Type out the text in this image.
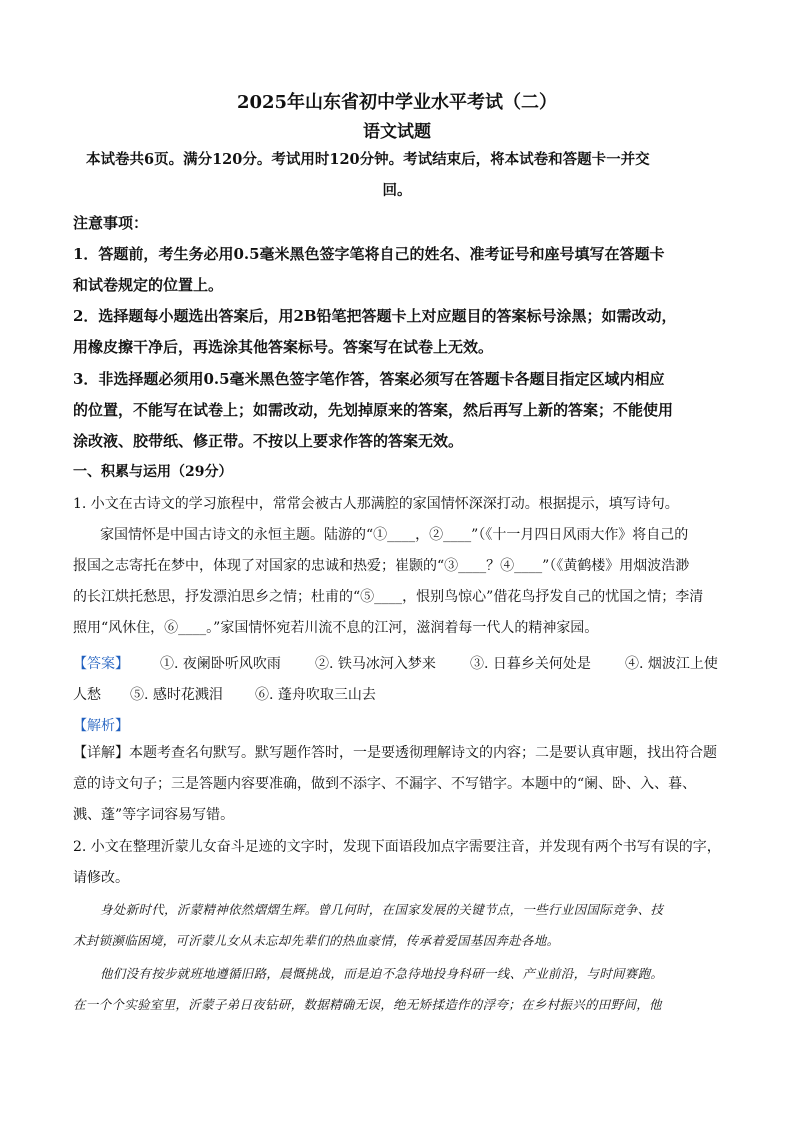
2025年山东省初中学业水平考试（二）
语文试题
本试卷共6页。满分120分。考试用时120分钟。考试结束后，将本试卷和答题卡一并交
回。
注意事项：
1．答题前，考生务必用0.5毫米黑色签字笔将自己的姓名、准考证号和座号填写在答题卡
和试卷规定的位置上。
2．选择题每小题选出答案后，用2B铅笔把答题卡上对应题目的答案标号涂黑；如需改动，
用橡皮擦干净后，再选涂其他答案标号。答案写在试卷上无效。
3．非选择题必须用0.5毫米黑色签字笔作答，答案必须写在答题卡各题目指定区域内相应
的位置，不能写在试卷上；如需改动，先划掉原来的答案，然后再写上新的答案；不能使用
涂改液、胶带纸、修正带。不按以上要求作答的答案无效。
一、积累与运用（29分）
1. 小文在古诗文的学习旅程中，常常会被古人那满腔的家国情怀深深打动。根据提示，填写诗句。
家国情怀是中国古诗文的永恒主题。陆游的“①____，②____”（《十一月四日风雨大作》将自己的
报国之志寄托在梦中，体现了对国家的忠诚和热爱；崔颢的“③____？④____”（《黄鹤楼》用烟波浩渺
的长江烘托愁思，抒发漂泊思乡之情；杜甫的“⑤____，恨别鸟惊心”借花鸟抒发自己的忧国之情；李清
照用“风休住，⑥____。”家国情怀宛若川流不息的江河，滋润着每一代人的精神家园。
【答案】 ①. 夜阑卧听风吹雨 ②. 铁马冰河入梦来 ③. 日暮乡关何处是 ④. 烟波江上使
人愁 ⑤. 感时花溅泪 ⑥. 蓬舟吹取三山去
【解析】
【详解】本题考查名句默写。默写题作答时，一是要透彻理解诗文的内容；二是要认真审题，找出符合题
意的诗文句子；三是答题内容要准确，做到不添字、不漏字、不写错字。本题中的“阑、卧、入、暮、
溅、蓬”等字词容易写错。
2. 小文在整理沂蒙儿女奋斗足迹的文字时，发现下面语段加点字需要注音，并发现有两个书写有误的字，
请修改。
身处新时代，沂蒙精神依然熠熠生辉。曾几何时，在国家发展的关键节点，一些行业因国际竞争、技
术封锁濒临困境，可沂蒙儿女从未忘却先辈们的热血豪情，传承着爱国基因奔赴各地。
他们没有按步就班地遵循旧路，晨慨挑战，而是迫不急待地投身科研一线、产业前沿，与时间赛跑。
在一个个实验室里，沂蒙子弟日夜钻研，数据精确无误，绝无矫揉造作的浮夸；在乡村振兴的田野间，他
